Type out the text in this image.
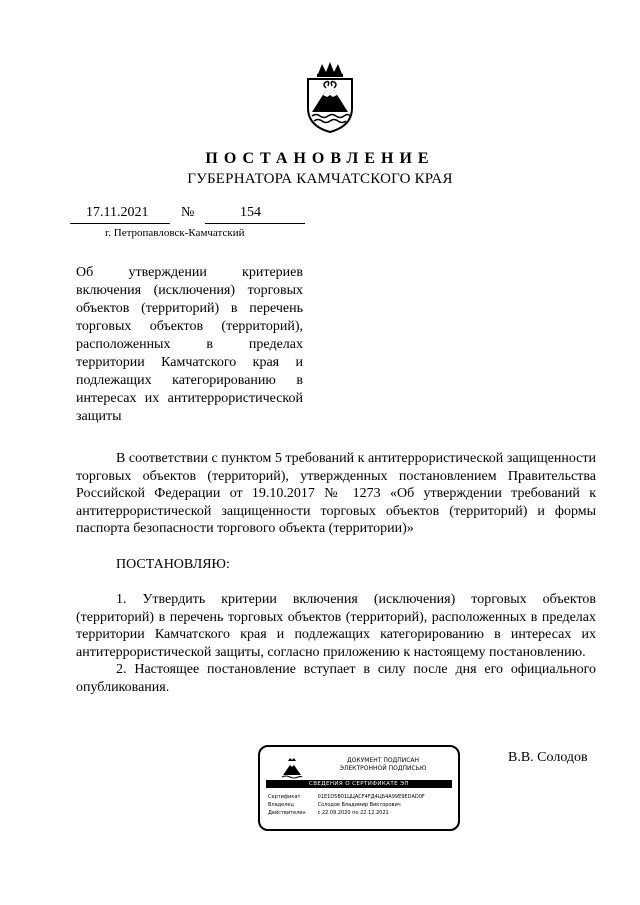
ПОСТАНОВЛЕНИЕ
ГУБЕРНАТОРА КАМЧАТСКОГО КРАЯ
17.11.2021 №	154
г. Петропавловск-Камчатский
Об утверждении критериев включения (исключения) торговых объектов (территорий) в перечень торговых объектов (территорий), расположенных в пределах территории Камчатского края и подлежащих категорированию в интересах их антитеррористической защиты

В соответствии с пунктом 5 требований к антитеррористической защищенности торговых объектов (территорий), утвержденных постановлением Правительства Российской Федерации от 19.10.2017 № 1273 «Об утверждении требований к антитеррористической защищенности торговых объектов (территорий) и формы паспорта безопасности торгового объекта (территории)»

ПОСТАНОВЛЯЮ:

1. Утвердить критерии включения (исключения) торговых объектов (территорий) в перечень торговых объектов (территорий), расположенных в пределах территории Камчатского края и подлежащих категорированию в интересах их антитеррористической защиты, согласно приложению к настоящему постановлению.

2. Настоящее постановление вступает в силу после дня его официального опубликования.

ДОКУМЕНТ ПОДПИСАН
ЭЛЕКТРОННОЙ ПОДПИСЬЮ
СВЕДЕНИЯ О СЕРТИФИКАТЕ ЭП
Сертификат	01Е1D5В01ЦЦАСF4FД4ЦБ4А99Е9ЕDАD0F
Владелец	Солодов Владимир Викторович
Действителен с 22.09.2020 по 22.12.2021
В.В. Солодов
